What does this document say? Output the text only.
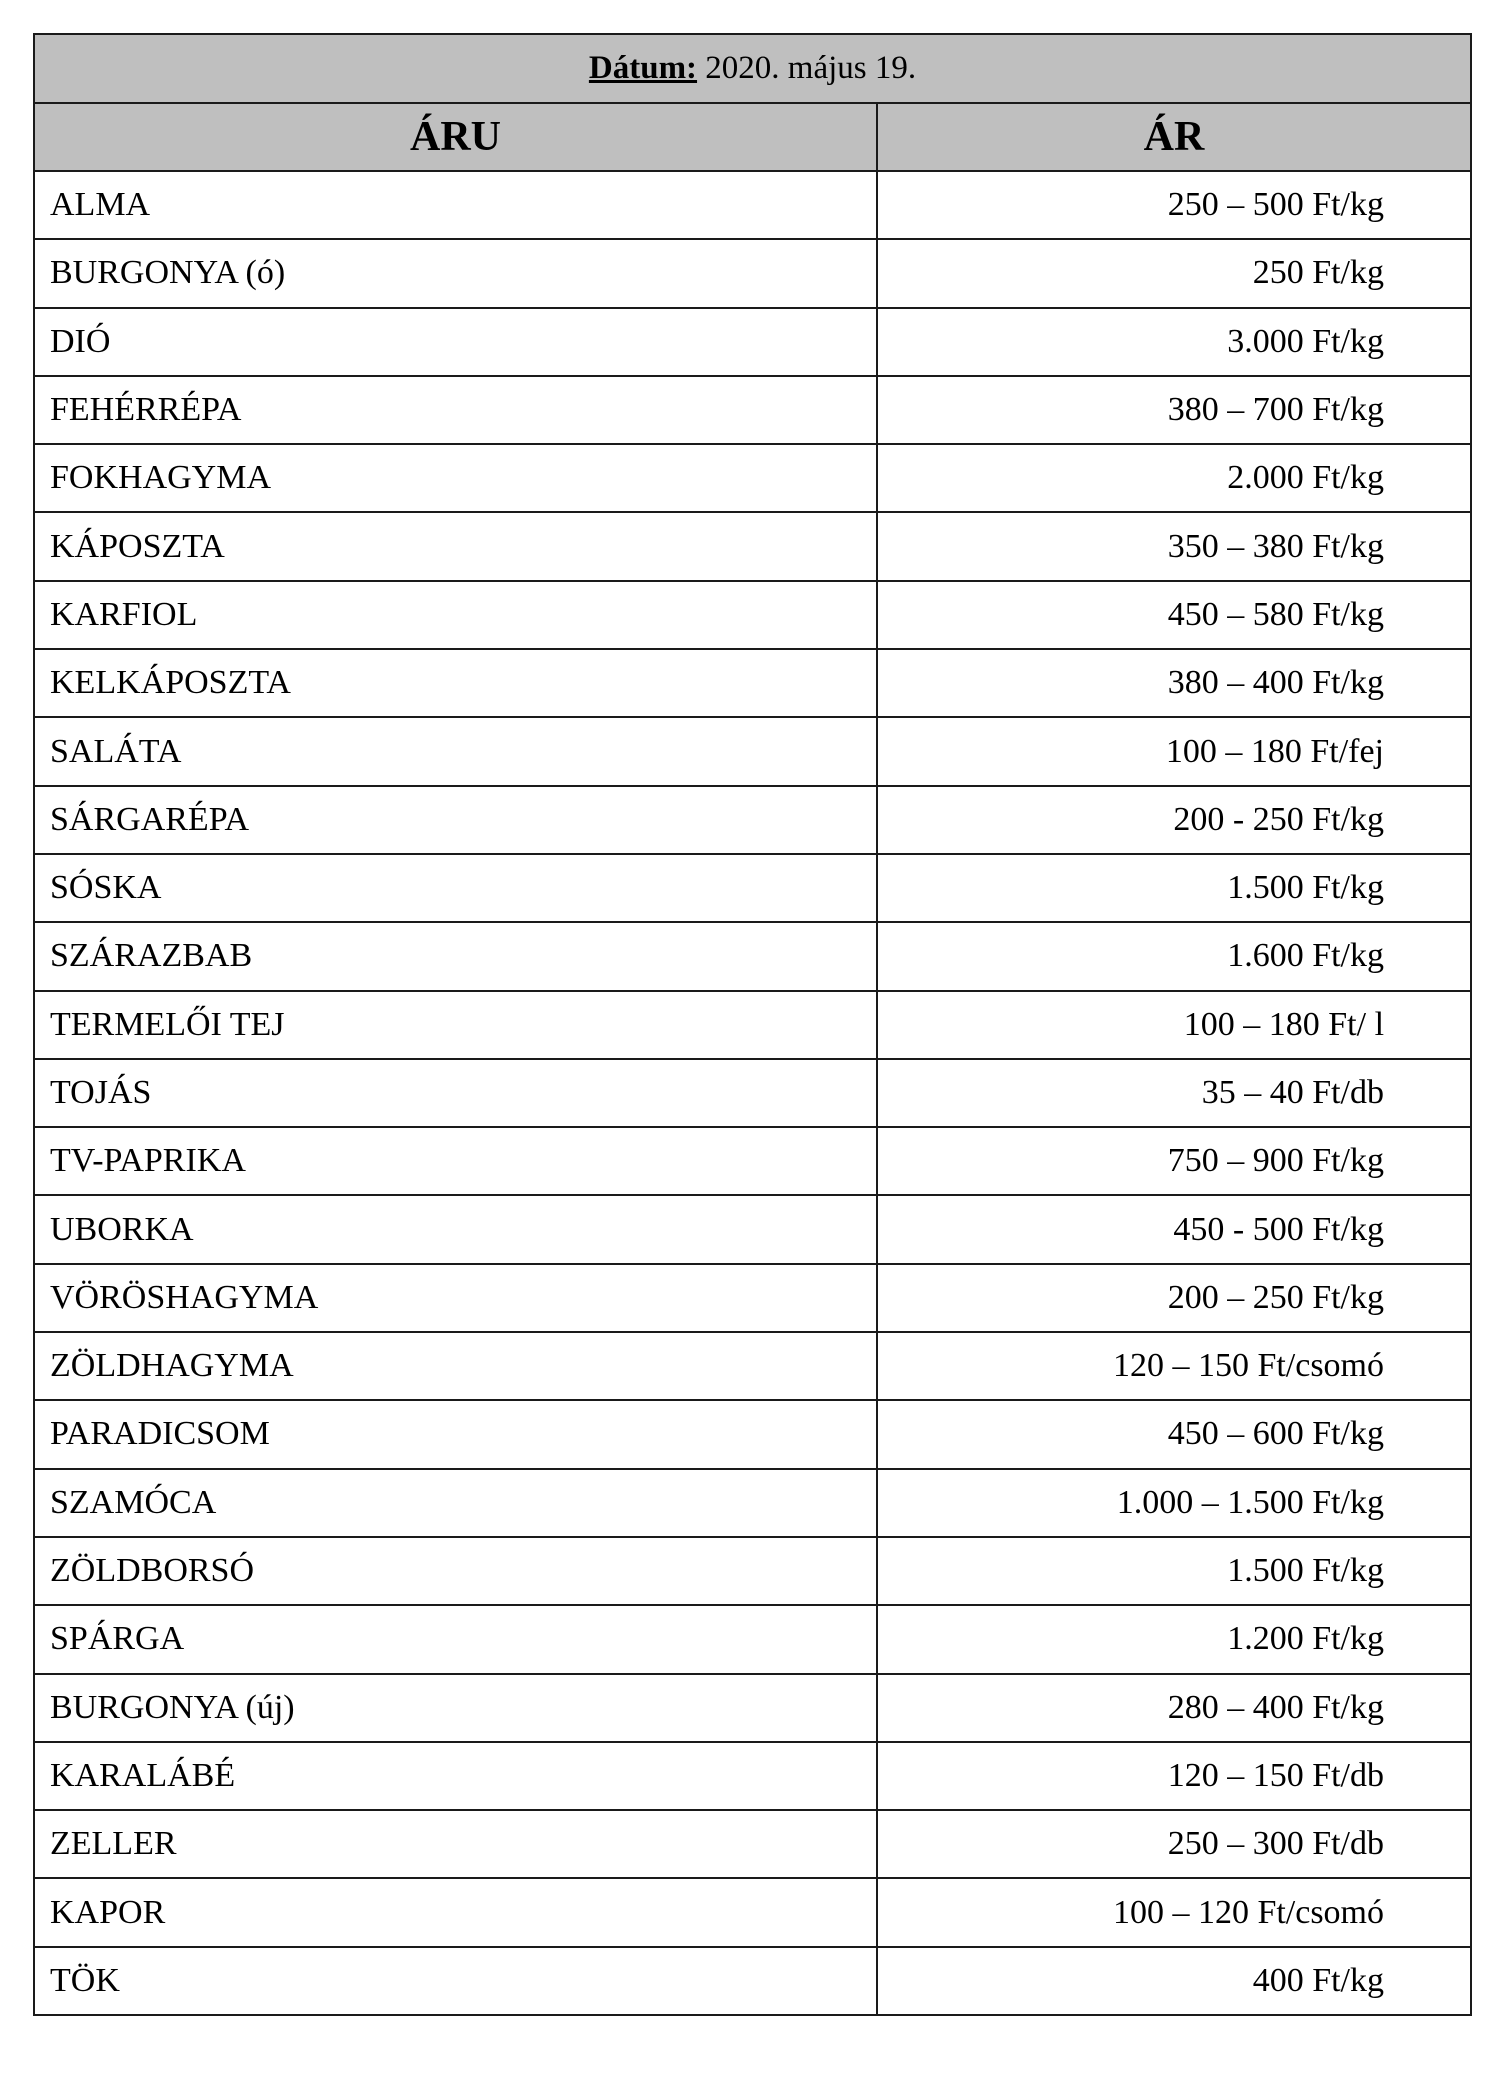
Dátum: 2020. május 19.	
ÁRU	ÁR
ALMA	250 – 500 Ft/kg
BURGONYA (ó)	250 Ft/kg
DIÓ	3.000 Ft/kg
FEHÉRRÉPA	380 – 700 Ft/kg
FOKHAGYMA	2.000 Ft/kg
KÁPOSZTA	350 – 380 Ft/kg
KARFIOL	450 – 580 Ft/kg
KELKÁPOSZTA	380 – 400 Ft/kg
SALÁTA	100 – 180 Ft/fej
SÁRGARÉPA	200 - 250 Ft/kg
SÓSKA	1.500 Ft/kg
SZÁRAZBAB	1.600 Ft/kg
TERMELŐI TEJ	100 – 180 Ft/ l
TOJÁS	35 – 40 Ft/db
TV-PAPRIKA	750 – 900 Ft/kg
UBORKA	450 - 500 Ft/kg
VÖRÖSHAGYMA	200 – 250 Ft/kg
ZÖLDHAGYMA	120 – 150 Ft/csomó
PARADICSOM	450 – 600 Ft/kg
SZAMÓCA	1.000 – 1.500 Ft/kg
ZÖLDBORSÓ	1.500 Ft/kg
SPÁRGA	1.200 Ft/kg
BURGONYA (új)	280 – 400 Ft/kg
KARALÁBÉ	120 – 150 Ft/db
ZELLER	250 – 300 Ft/db
KAPOR	100 – 120 Ft/csomó
TÖK	400 Ft/kg
